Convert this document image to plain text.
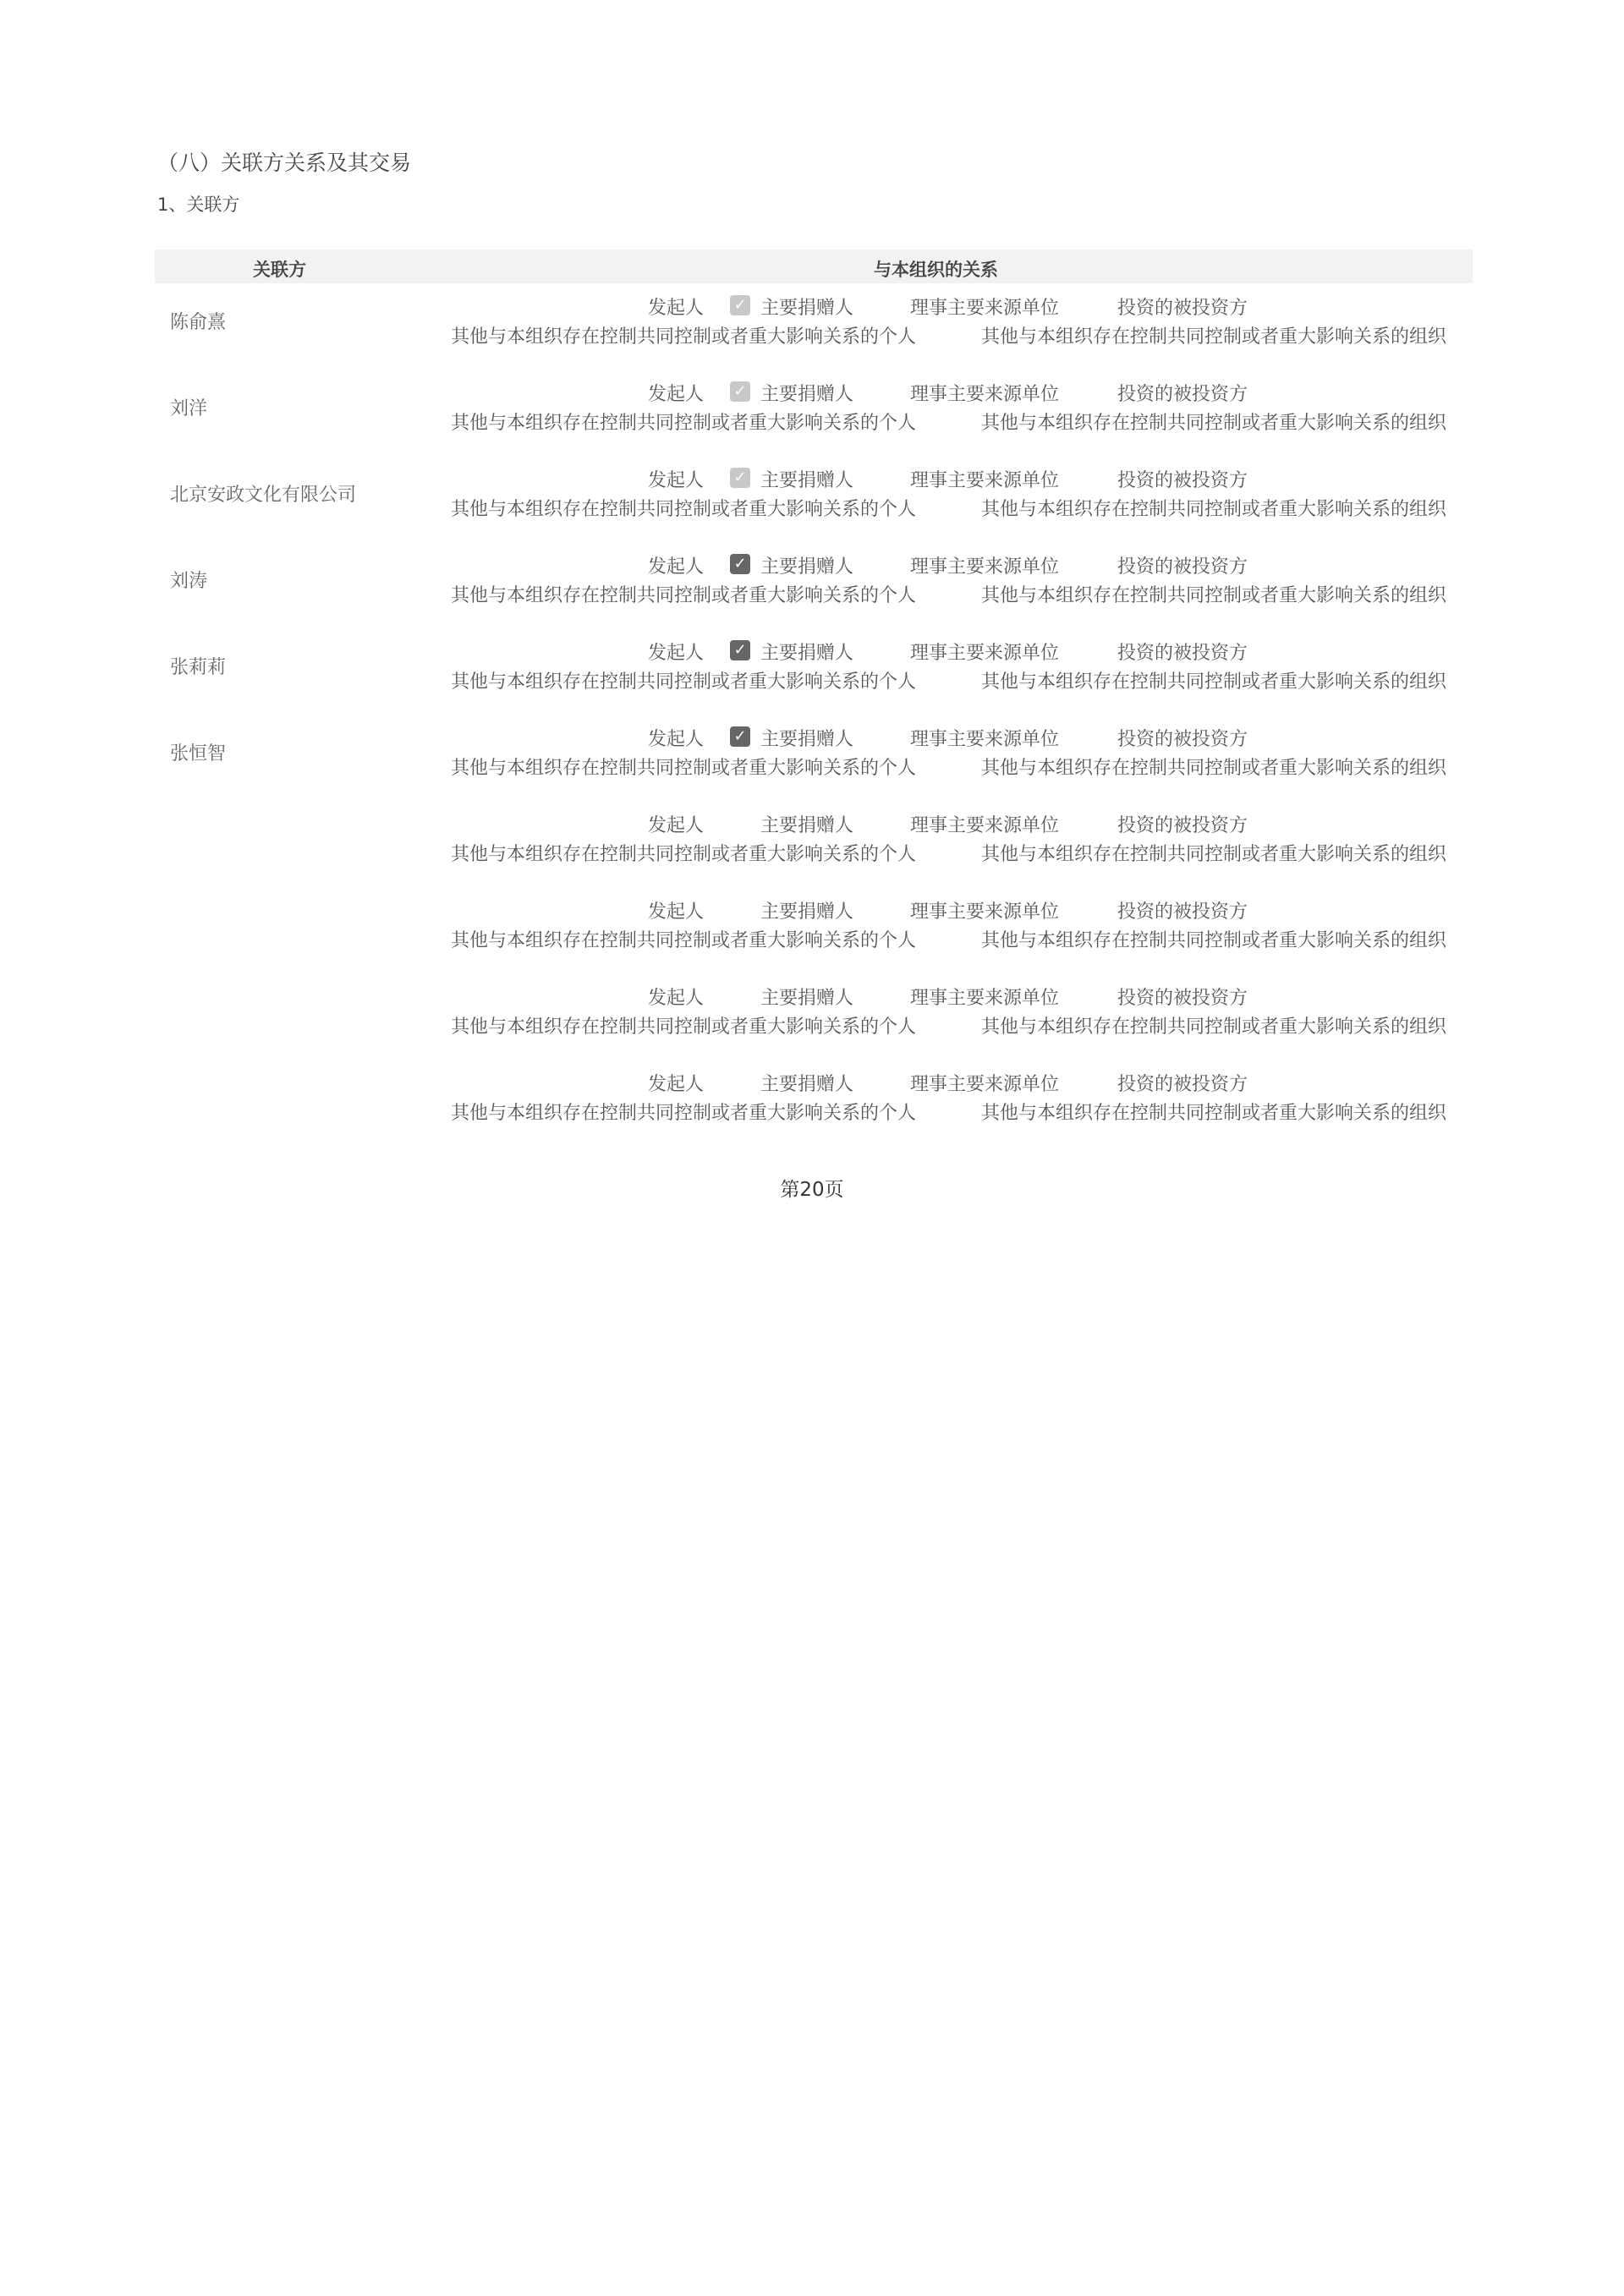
（八）关联方关系及其交易
1、关联方
关联方	与本组织的关系
陈俞熹
发起人	主要捐赠人	理事主要来源单位	投资的被投资方
其他与本组织存在控制共同控制或者重大影响关系的个人	其他与本组织存在控制共同控制或者重大影响关系的组织
✓
刘洋
发起人	主要捐赠人	理事主要来源单位	投资的被投资方
其他与本组织存在控制共同控制或者重大影响关系的个人	其他与本组织存在控制共同控制或者重大影响关系的组织
✓
北京安政文化有限公司
发起人	主要捐赠人	理事主要来源单位	投资的被投资方
其他与本组织存在控制共同控制或者重大影响关系的个人	其他与本组织存在控制共同控制或者重大影响关系的组织
✓
刘涛
发起人	主要捐赠人	理事主要来源单位	投资的被投资方
其他与本组织存在控制共同控制或者重大影响关系的个人	其他与本组织存在控制共同控制或者重大影响关系的组织
✓
张莉莉
发起人	主要捐赠人	理事主要来源单位	投资的被投资方
其他与本组织存在控制共同控制或者重大影响关系的个人	其他与本组织存在控制共同控制或者重大影响关系的组织
✓
张恒智
发起人	主要捐赠人	理事主要来源单位	投资的被投资方
其他与本组织存在控制共同控制或者重大影响关系的个人	其他与本组织存在控制共同控制或者重大影响关系的组织
✓
发起人	主要捐赠人	理事主要来源单位	投资的被投资方
其他与本组织存在控制共同控制或者重大影响关系的个人	其他与本组织存在控制共同控制或者重大影响关系的组织
发起人	主要捐赠人	理事主要来源单位	投资的被投资方
其他与本组织存在控制共同控制或者重大影响关系的个人	其他与本组织存在控制共同控制或者重大影响关系的组织
发起人	主要捐赠人	理事主要来源单位	投资的被投资方
其他与本组织存在控制共同控制或者重大影响关系的个人	其他与本组织存在控制共同控制或者重大影响关系的组织
发起人	主要捐赠人	理事主要来源单位	投资的被投资方
其他与本组织存在控制共同控制或者重大影响关系的个人	其他与本组织存在控制共同控制或者重大影响关系的组织
第20页
